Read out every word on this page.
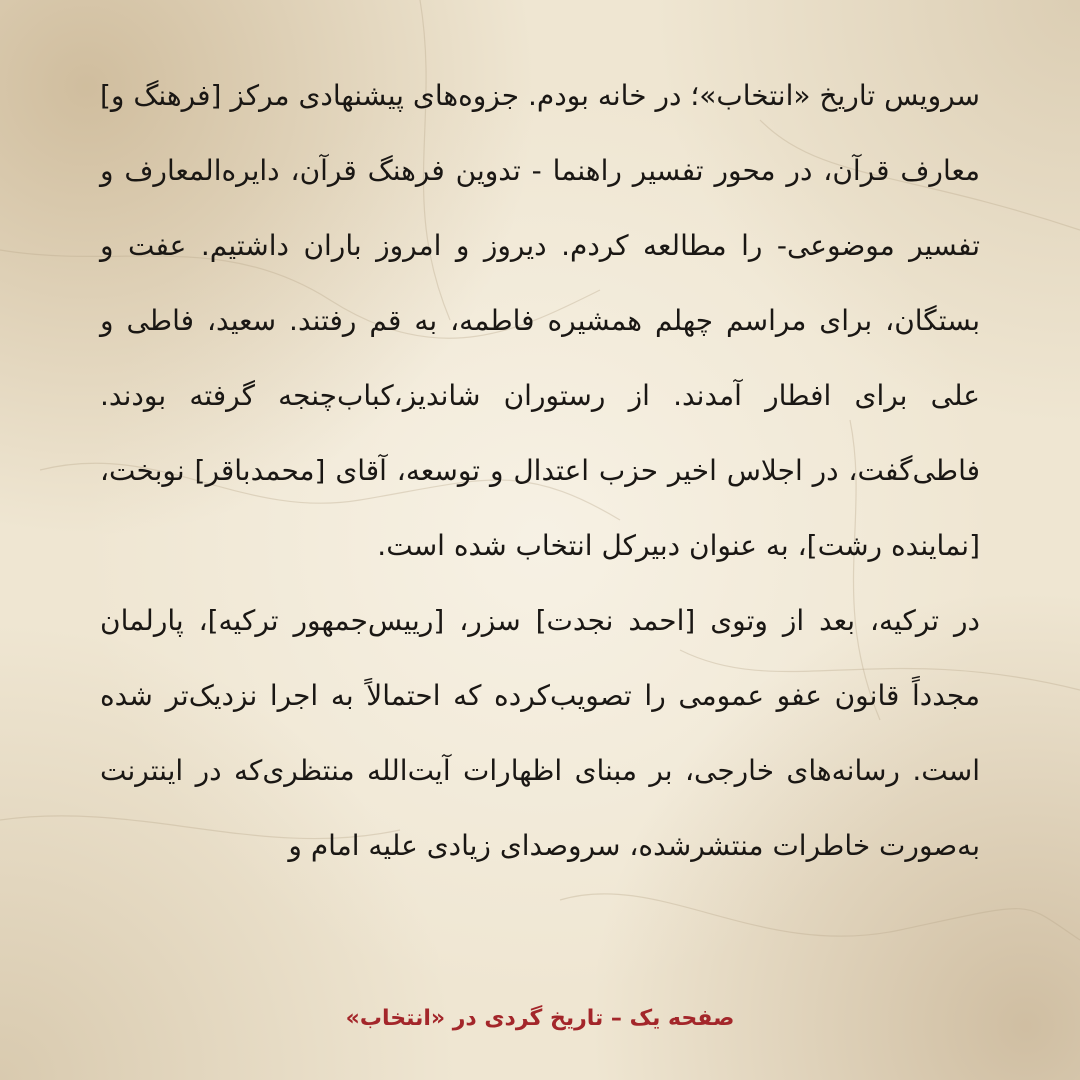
سرویس تاریخ «انتخاب»؛ در خانه بودم. جزوه‌های پیشنهادی مرکز [فرهنگ و] معارف قرآن، در محور تفسیر راهنما - تدوین فرهنگ قرآن، دایره‌المعارف و تفسیر موضوعی- را مطالعه کردم. دیروز و امروز باران داشتیم. عفت و بستگان، برای مراسم چهلم همشیره فاطمه، به قم رفتند. سعید، فاطی و علی برای افطار آمدند. از رستوران شاندیز،کباب‌چنجه گرفته بودند. فاطی‌گفت، در اجلاس اخیر حزب اعتدال و توسعه، آقای [محمدباقر] نوبخت، [نماینده رشت]، به عنوان دبیرکل انتخاب شده است.

در ترکیه، بعد از وتوی [احمد نجدت] سزر، [رییس‌جمهور ترکیه]، پارلمان مجدداً قانون عفو عمومی را تصویب‌کرده که احتمالاً به اجرا نزدیک‌تر شده است. رسانه‌های خارجی، بر مبنای اظهارات آیت‌الله منتظری‌که در اینترنت به‌صورت خاطرات منتشرشده، سروصدای زیادی علیه امام و

صفحه یک – تاریخ گردی در «انتخاب»
